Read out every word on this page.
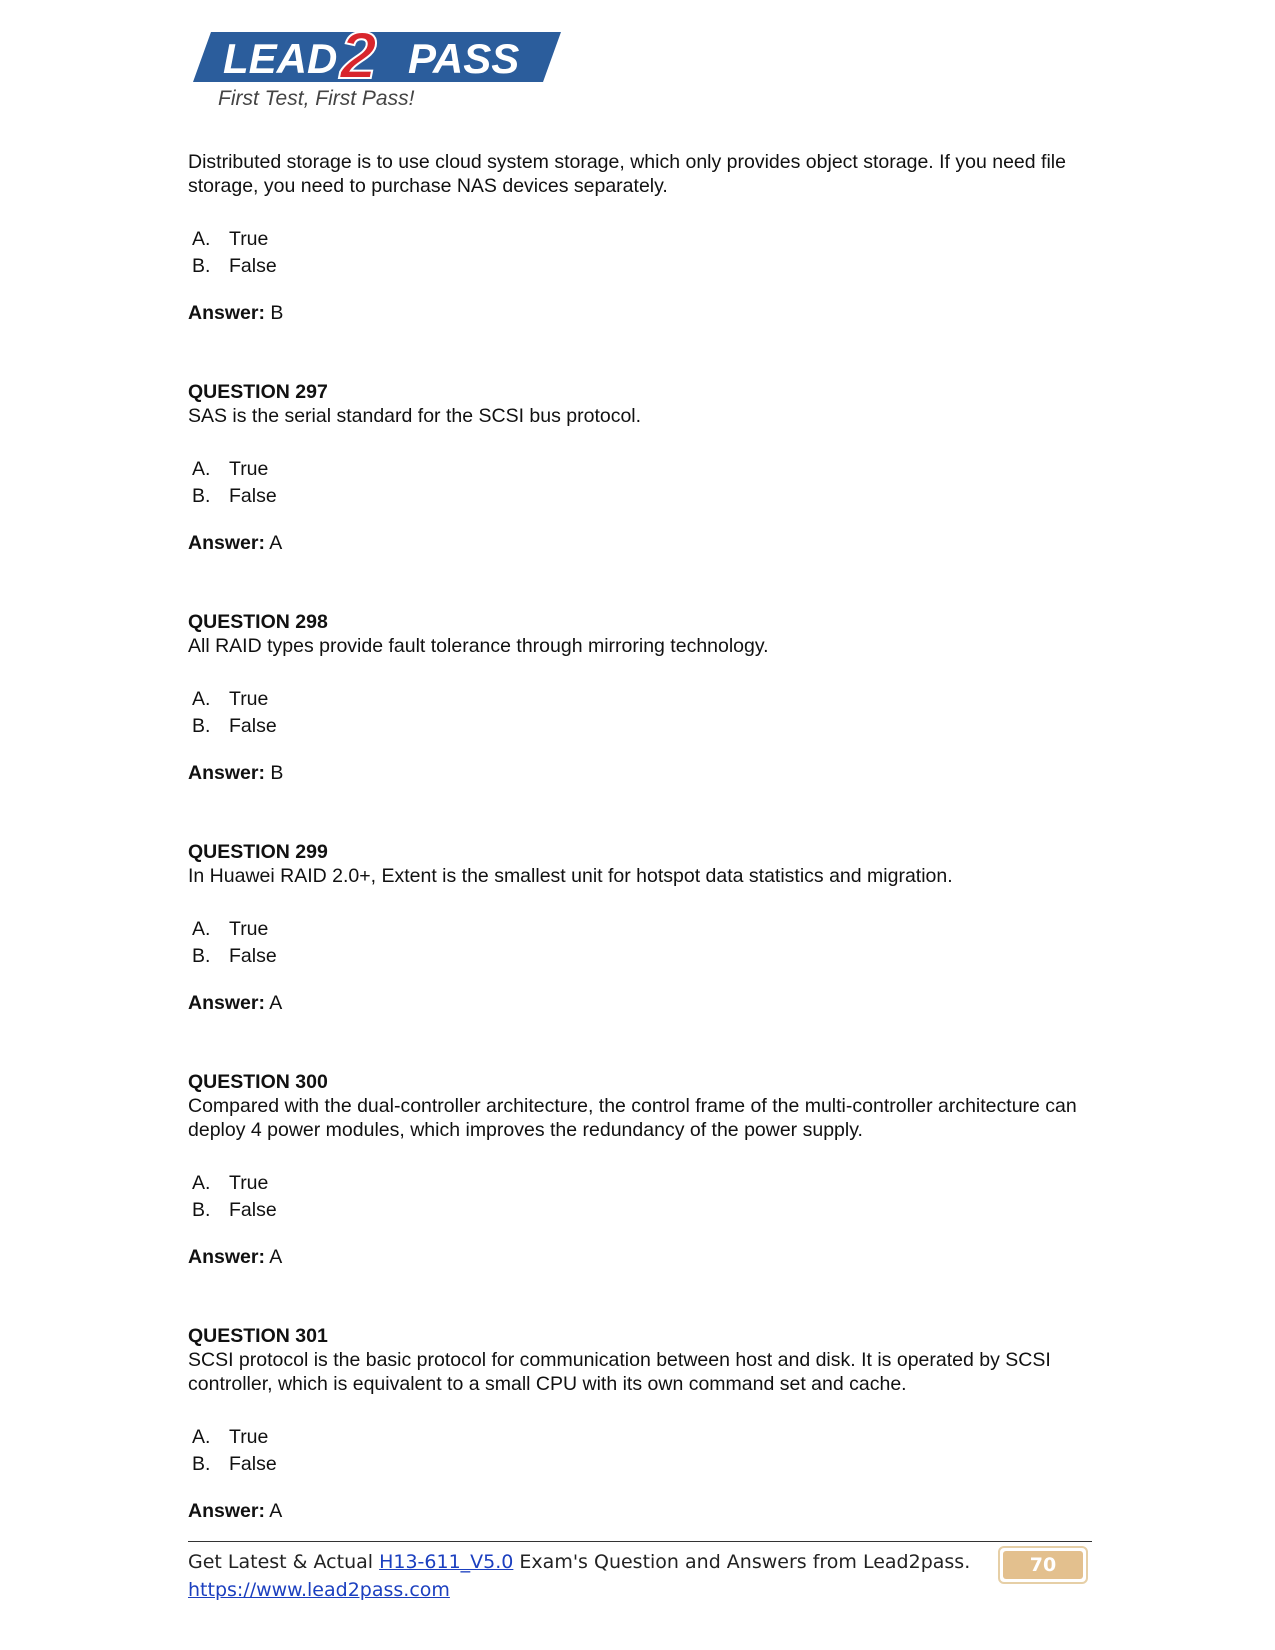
LEAD 2 PASS
First Test, First Pass!

Distributed storage is to use cloud system storage, which only provides object storage. If you need file storage, you need to purchase NAS devices separately.

A. True
B. False
Answer: B

QUESTION 297

SAS is the serial standard for the SCSI bus protocol.

A. True
B. False
Answer: A

QUESTION 298

All RAID types provide fault tolerance through mirroring technology.

A. True
B. False
Answer: B

QUESTION 299

In Huawei RAID 2.0+, Extent is the smallest unit for hotspot data statistics and migration.

A. True
B. False
Answer: A

QUESTION 300

Compared with the dual-controller architecture, the control frame of the multi-controller architecture can deploy 4 power modules, which improves the redundancy of the power supply.

A. True
B. False
Answer: A

QUESTION 301

SCSI protocol is the basic protocol for communication between host and disk. It is operated by SCSI controller, which is equivalent to a small CPU with its own command set and cache.

A. True
B. False
Answer: A
Get Latest & Actual H13-611_V5.0 Exam's Question and Answers from Lead2pass.
https://www.lead2pass.com
70
